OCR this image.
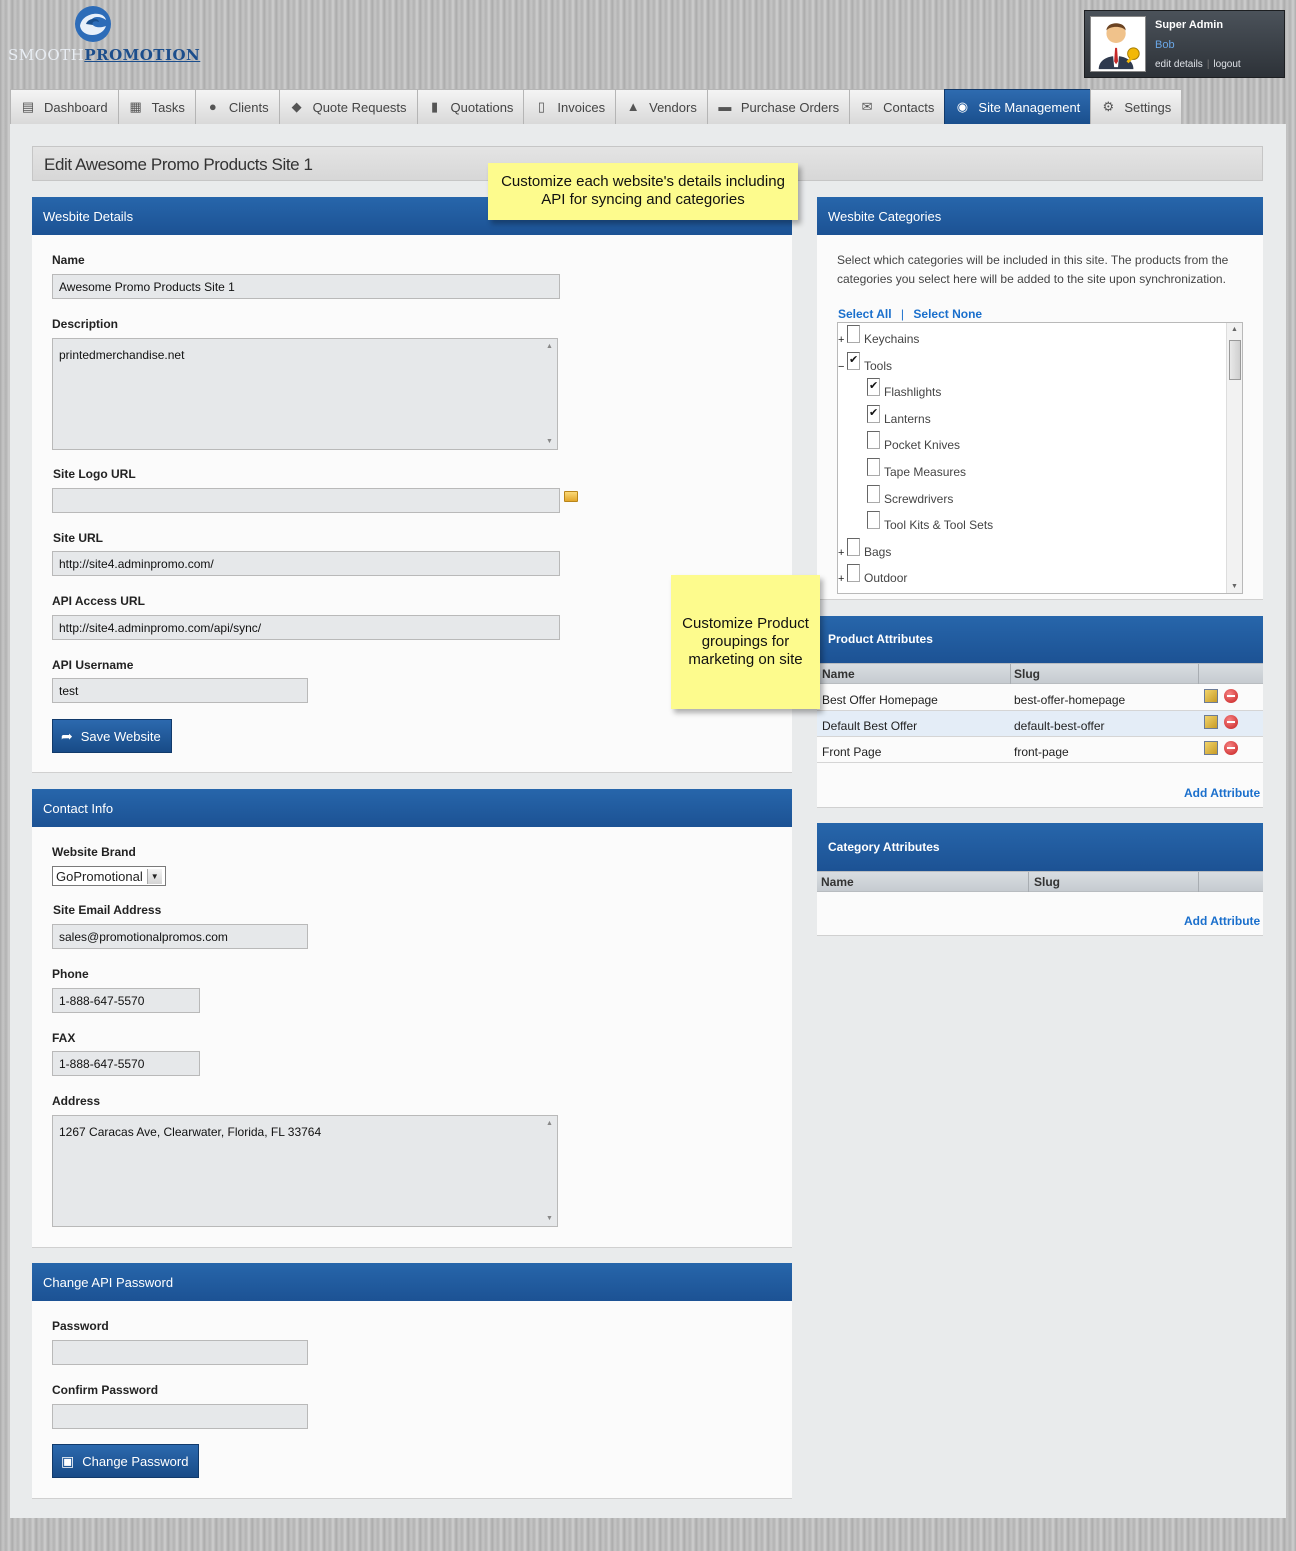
SMOOTHPROMOTION
Super Admin
Bob
edit details | logout
▤ Dashboard ▦ Tasks	● Clients ◆ Quote Requests	▮ Quotations	▯ Invoices ▲ Vendors ▬ Purchase Orders ✉ Contacts ◉ Site Management ⚙ Settings
Edit Awesome Promo Products Site 1
Wesbite Details
Name
Awesome Promo Products Site 1
Description
printedmerchandise.net
▲
▼
Site Logo URL
Site URL
http://site4.adminpromo.com/
API Access URL
http://site4.adminpromo.com/api/sync/
API Username
test
➦ Save Website
Contact Info
Website Brand
GoPromotional	▼
Site Email Address
sales@promotionalpromos.com
Phone
1-888-647-5570
FAX
1-888-647-5570
Address
1267 Caracas Ave, Clearwater, Florida, FL 33764
▲
▼
Change API Password
Password
Confirm Password
▣ Change Password
Wesbite Categories
Select which categories will be included in this site. The products from the categories you select here will be added to the site upon synchronization.
Select All | Select None
+ Keychains
−
✔ Tools
✔
Flashlights
✔
Lanterns
Pocket Knives
Tape Measures
Screwdrivers
Tool Kits & Tool Sets
+ Bags
+ Outdoor
▲
▼
Product Attributes
Name	Slug
Best Offer Homepage	best-offer-homepage
Default Best Offer	default-best-offer
Front Page	front-page
Add Attribute
Category Attributes
Name	Slug
Add Attribute
Customize each website's details including API for syncing and categories
Customize Product groupings for marketing on site
